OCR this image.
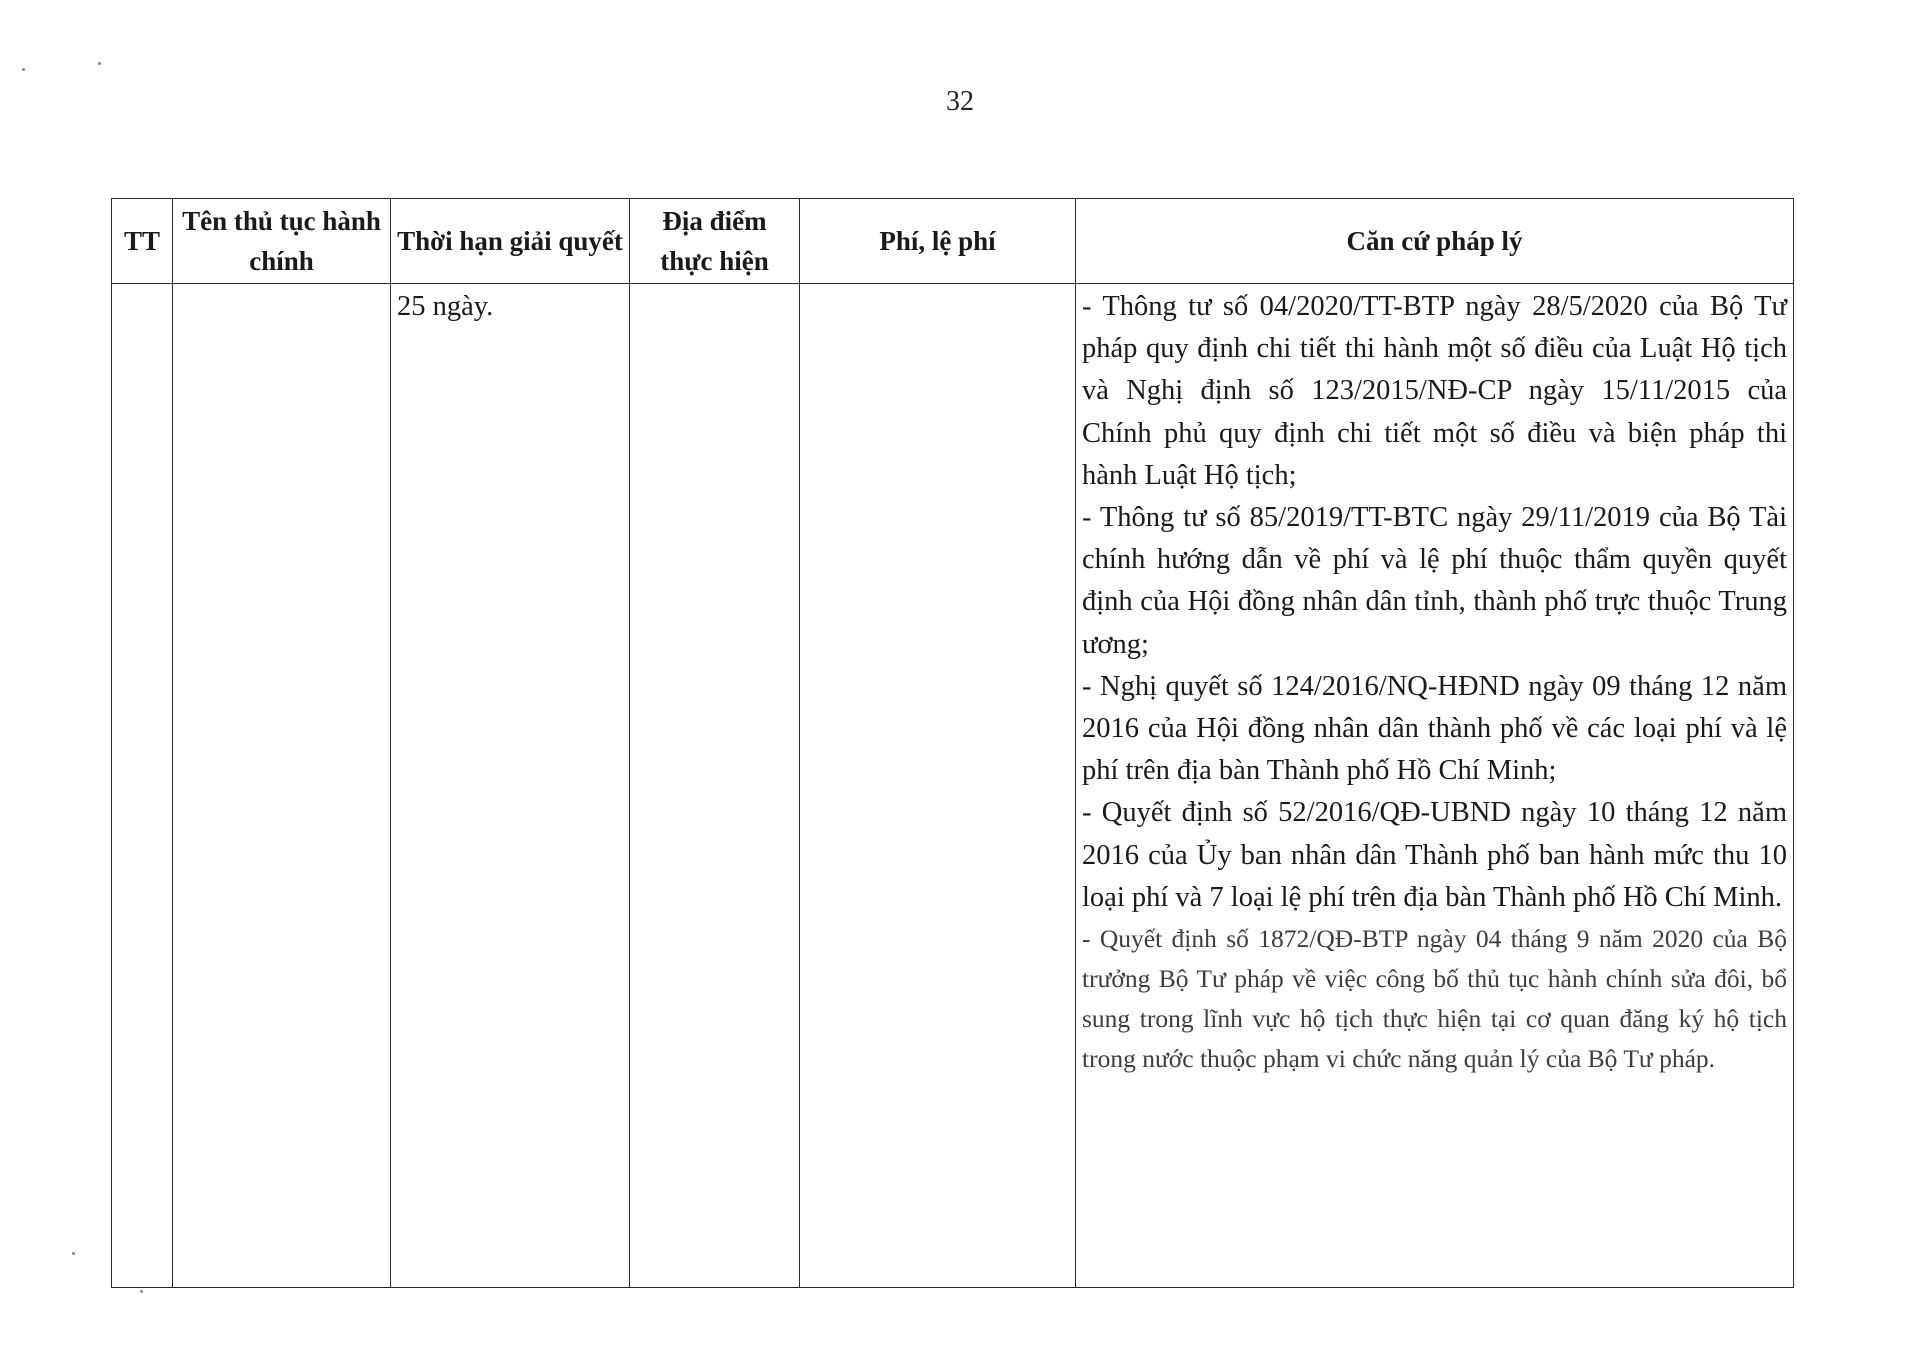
32
TT	Tên thủ tục hành chính	Thời hạn giải quyết	Địa điểm thực hiện	Phí, lệ phí	Căn cứ pháp lý
		25 ngày.			- Thông tư số 04/2020/TT-BTP ngày 28/5/2020 của Bộ Tư pháp quy định chi tiết thi hành một số điều của Luật Hộ tịch và Nghị định số 123/2015/NĐ-CP ngày 15/11/2015 của Chính phủ quy định chi tiết một số điều và biện pháp thi hành Luật Hộ tịch;
- Thông tư số 85/2019/TT-BTC ngày 29/11/2019 của Bộ Tài chính hướng dẫn về phí và lệ phí thuộc thẩm quyền quyết định của Hội đồng nhân dân tỉnh, thành phố trực thuộc Trung ương;
- Nghị quyết số 124/2016/NQ-HĐND ngày 09 tháng 12 năm 2016 của Hội đồng nhân dân thành phố về các loại phí và lệ phí trên địa bàn Thành phố Hồ Chí Minh;
- Quyết định số 52/2016/QĐ-UBND ngày 10 tháng 12 năm 2016 của Ủy ban nhân dân Thành phố ban hành mức thu 10 loại phí và 7 loại lệ phí trên địa bàn Thành phố Hồ Chí Minh.
- Quyết định số 1872/QĐ-BTP ngày 04 tháng 9 năm 2020 của Bộ trưởng Bộ Tư pháp về việc công bố thủ tục hành chính sửa đôi, bổ sung trong lĩnh vực hộ tịch thực hiện tại cơ quan đăng ký hộ tịch trong nước thuộc phạm vi chức năng quản lý của Bộ Tư pháp.
